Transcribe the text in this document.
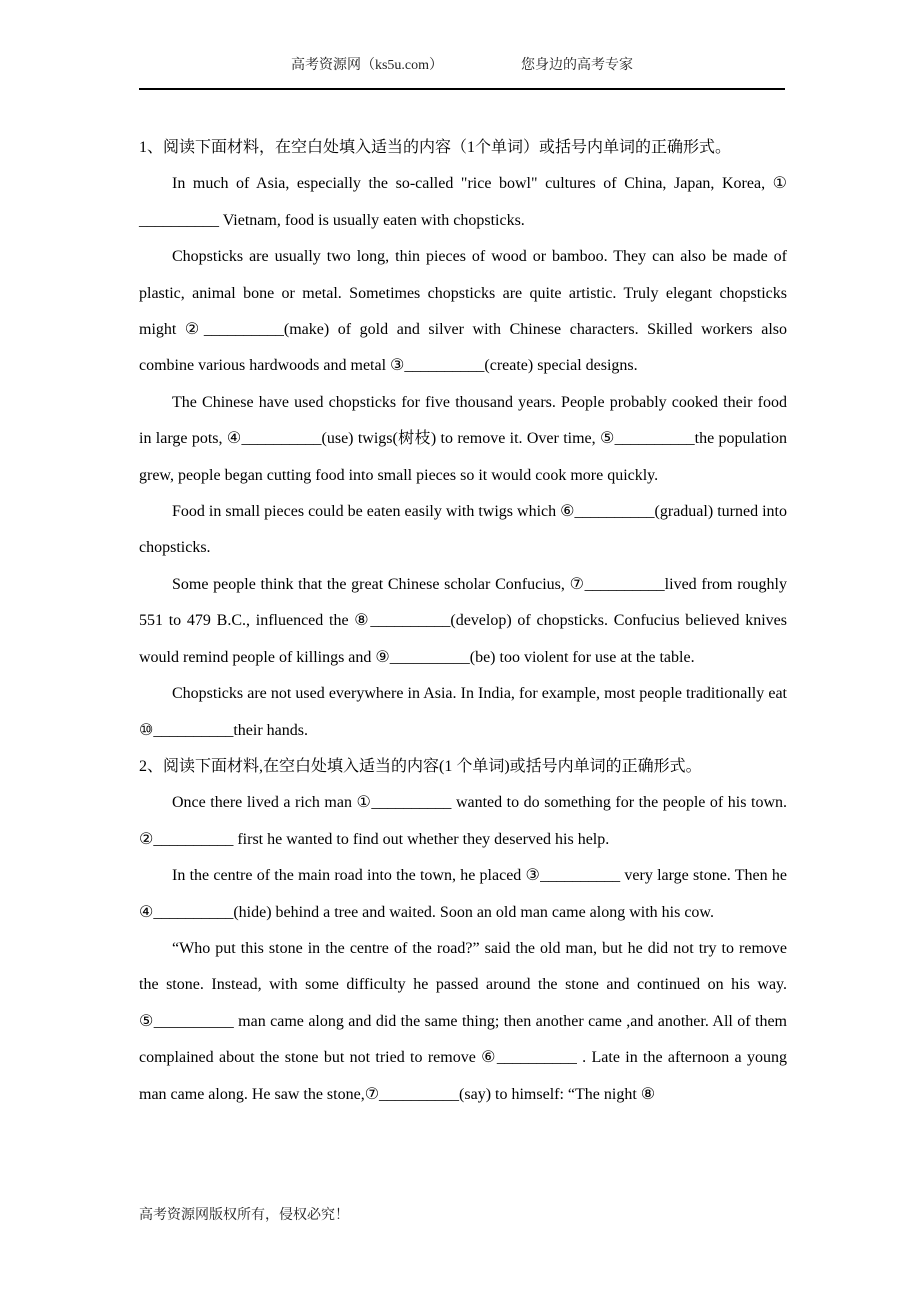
高考资源网（ks5u.com）	您身边的高考专家

1、阅读下面材料，在空白处填入适当的内容（1个单词）或括号内单词的正确形式。

In much of Asia, especially the so-called "rice bowl" cultures of China, Japan, Korea, ① __________ Vietnam, food is usually eaten with chopsticks.

Chopsticks are usually two long, thin pieces of wood or bamboo. They can also be made of plastic, animal bone or metal. Sometimes chopsticks are quite artistic. Truly elegant chopsticks might ②__________(make) of gold and silver with Chinese characters. Skilled workers also combine various hardwoods and metal ③__________(create) special designs.

The Chinese have used chopsticks for five thousand years. People probably cooked their food in large pots, ④__________(use) twigs(树枝) to remove it. Over time, ⑤__________the population grew, people began cutting food into small pieces so it would cook more quickly.

Food in small pieces could be eaten easily with twigs which ⑥__________(gradual) turned into chopsticks.

Some people think that the great Chinese scholar Confucius, ⑦__________lived from roughly 551 to 479 B.C., influenced the ⑧__________(develop) of chopsticks. Confucius believed knives would remind people of killings and ⑨__________(be) too violent for use at the table.

Chopsticks are not used everywhere in Asia. In India, for example, most people traditionally eat ⑩__________their hands.

2、阅读下面材料,在空白处填入适当的内容(1 个单词)或括号内单词的正确形式。

Once there lived a rich man ①__________ wanted to do something for the people of his town. ②__________ first he wanted to find out whether they deserved his help.

In the centre of the main road into the town, he placed ③__________ very large stone. Then he ④__________(hide) behind a tree and waited. Soon an old man came along with his cow.

“Who put this stone in the centre of the road?” said the old man, but he did not try to remove the stone. Instead, with some difficulty he passed around the stone and continued on his way. ⑤__________ man came along and did the same thing; then another came ,and another. All of them complained about the stone but not tried to remove ⑥__________ . Late in the afternoon a young man came along. He saw the stone,⑦__________(say) to himself: “The night ⑧

高考资源网版权所有，侵权必究！
